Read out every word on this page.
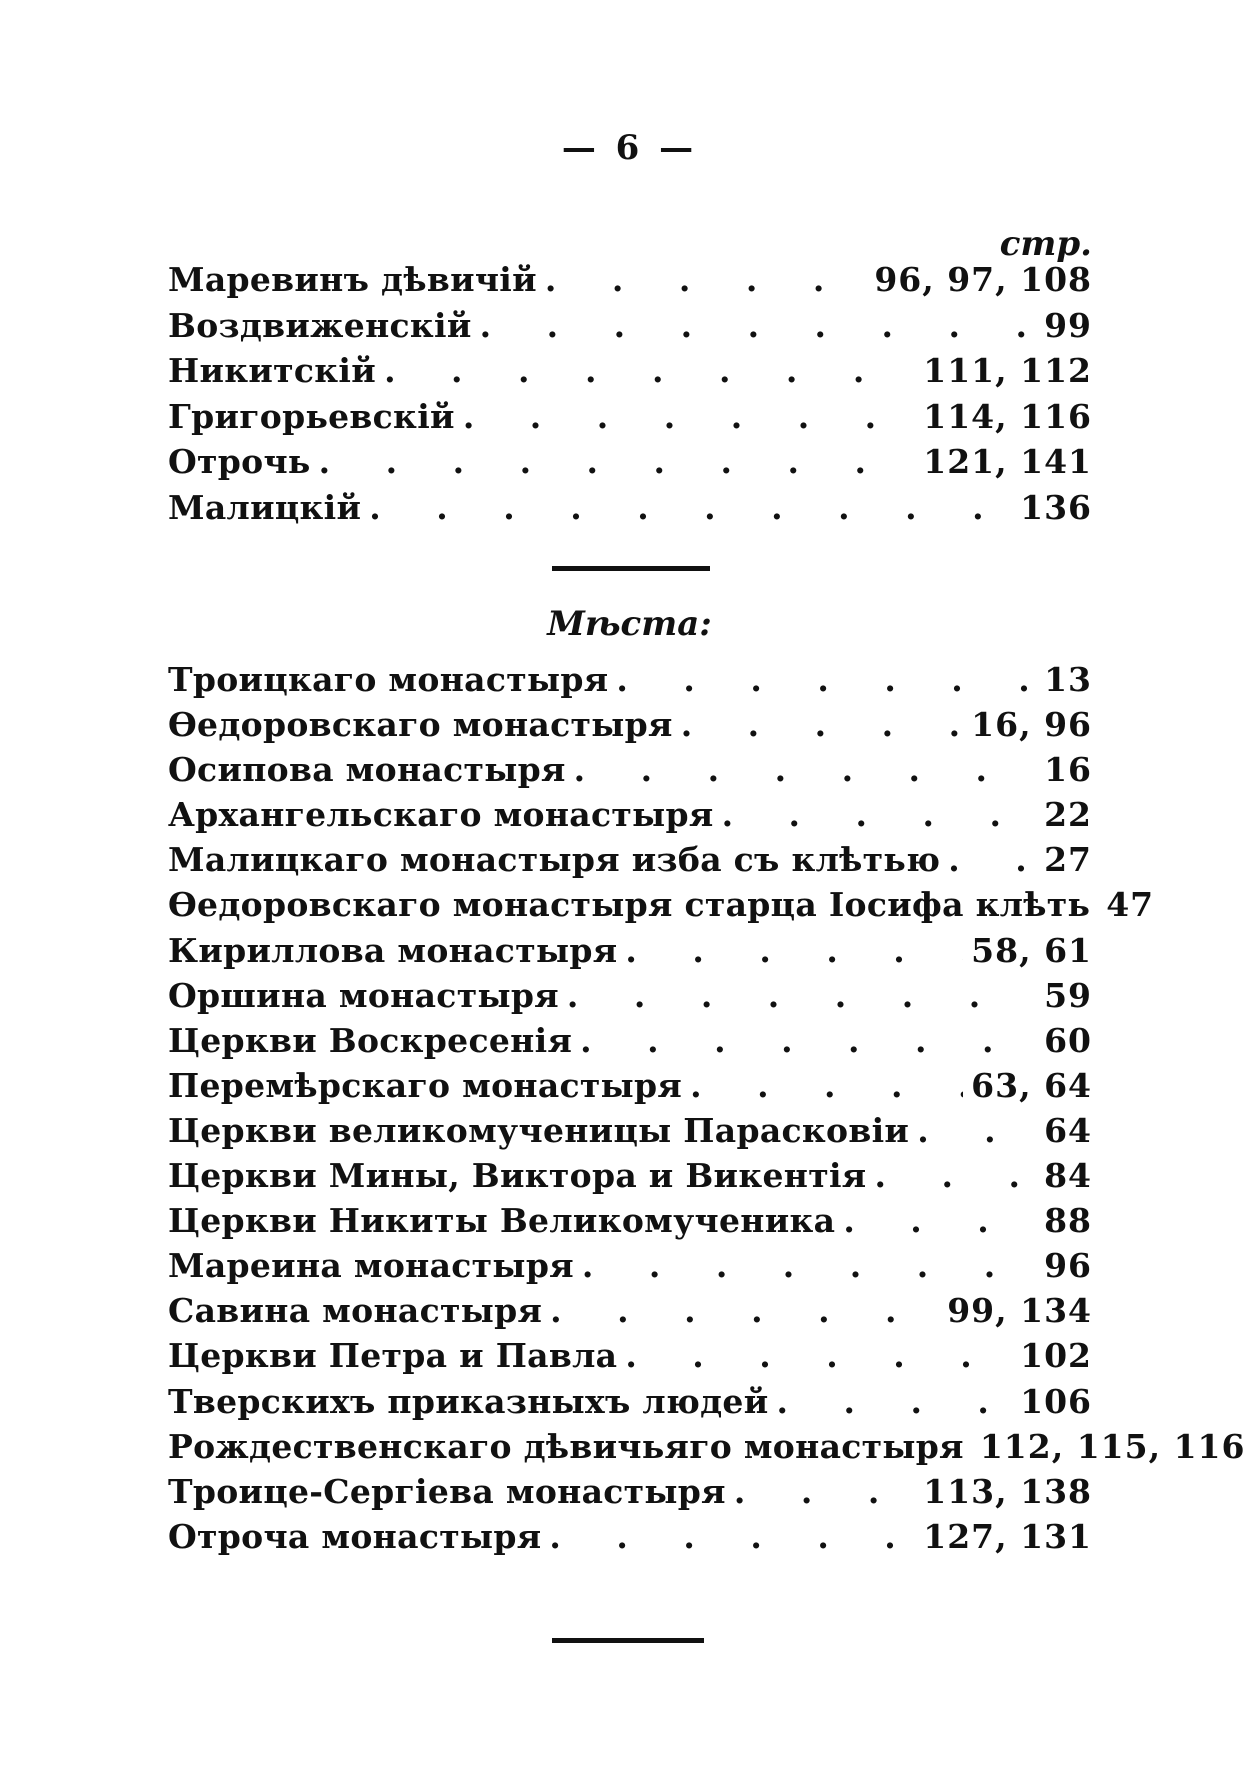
— 6 —
стр.
Маревинъ дѣвичій . . .	96, 97, 108
Воздвиженскій . . .	99
Никитскій . . .	111, 112
Григорьевскій . . .	114, 116
Отрочь . . .	121, 141
Малицкій . . .	136
Мѣста:
Троицкаго монастыря . . .	13
Ѳедоровскаго монастыря . . .	16, 96
Осипова монастыря . . .	16
Архангельскаго монастыря . . .	22
Малицкаго монастыря изба съ клѣтью . . .	27
Ѳедоровскаго монастыря старца Іосифа клѣть 47
Кириллова монастыря . . .	58, 61
Оршина монастыря . . .	59
Церкви Воскресенія . . .	60
Перемѣрскаго монастыря . . .	63, 64
Церкви великомученицы Парасковіи . . .	64
Церкви Мины, Виктора и Викентія . . .	84
Церкви Никиты Великомученика . . .	88
Мареина монастыря . . .	96
Савина монастыря . . .	99, 134
Церкви Петра и Павла . . .	102
Тверскихъ приказныхъ людей . . .	106
Рождественскаго дѣвичьяго монастыря 112, 115, 116
Троице-Сергіева монастыря . . .	113, 138
Отроча монастыря . . .	127, 131
